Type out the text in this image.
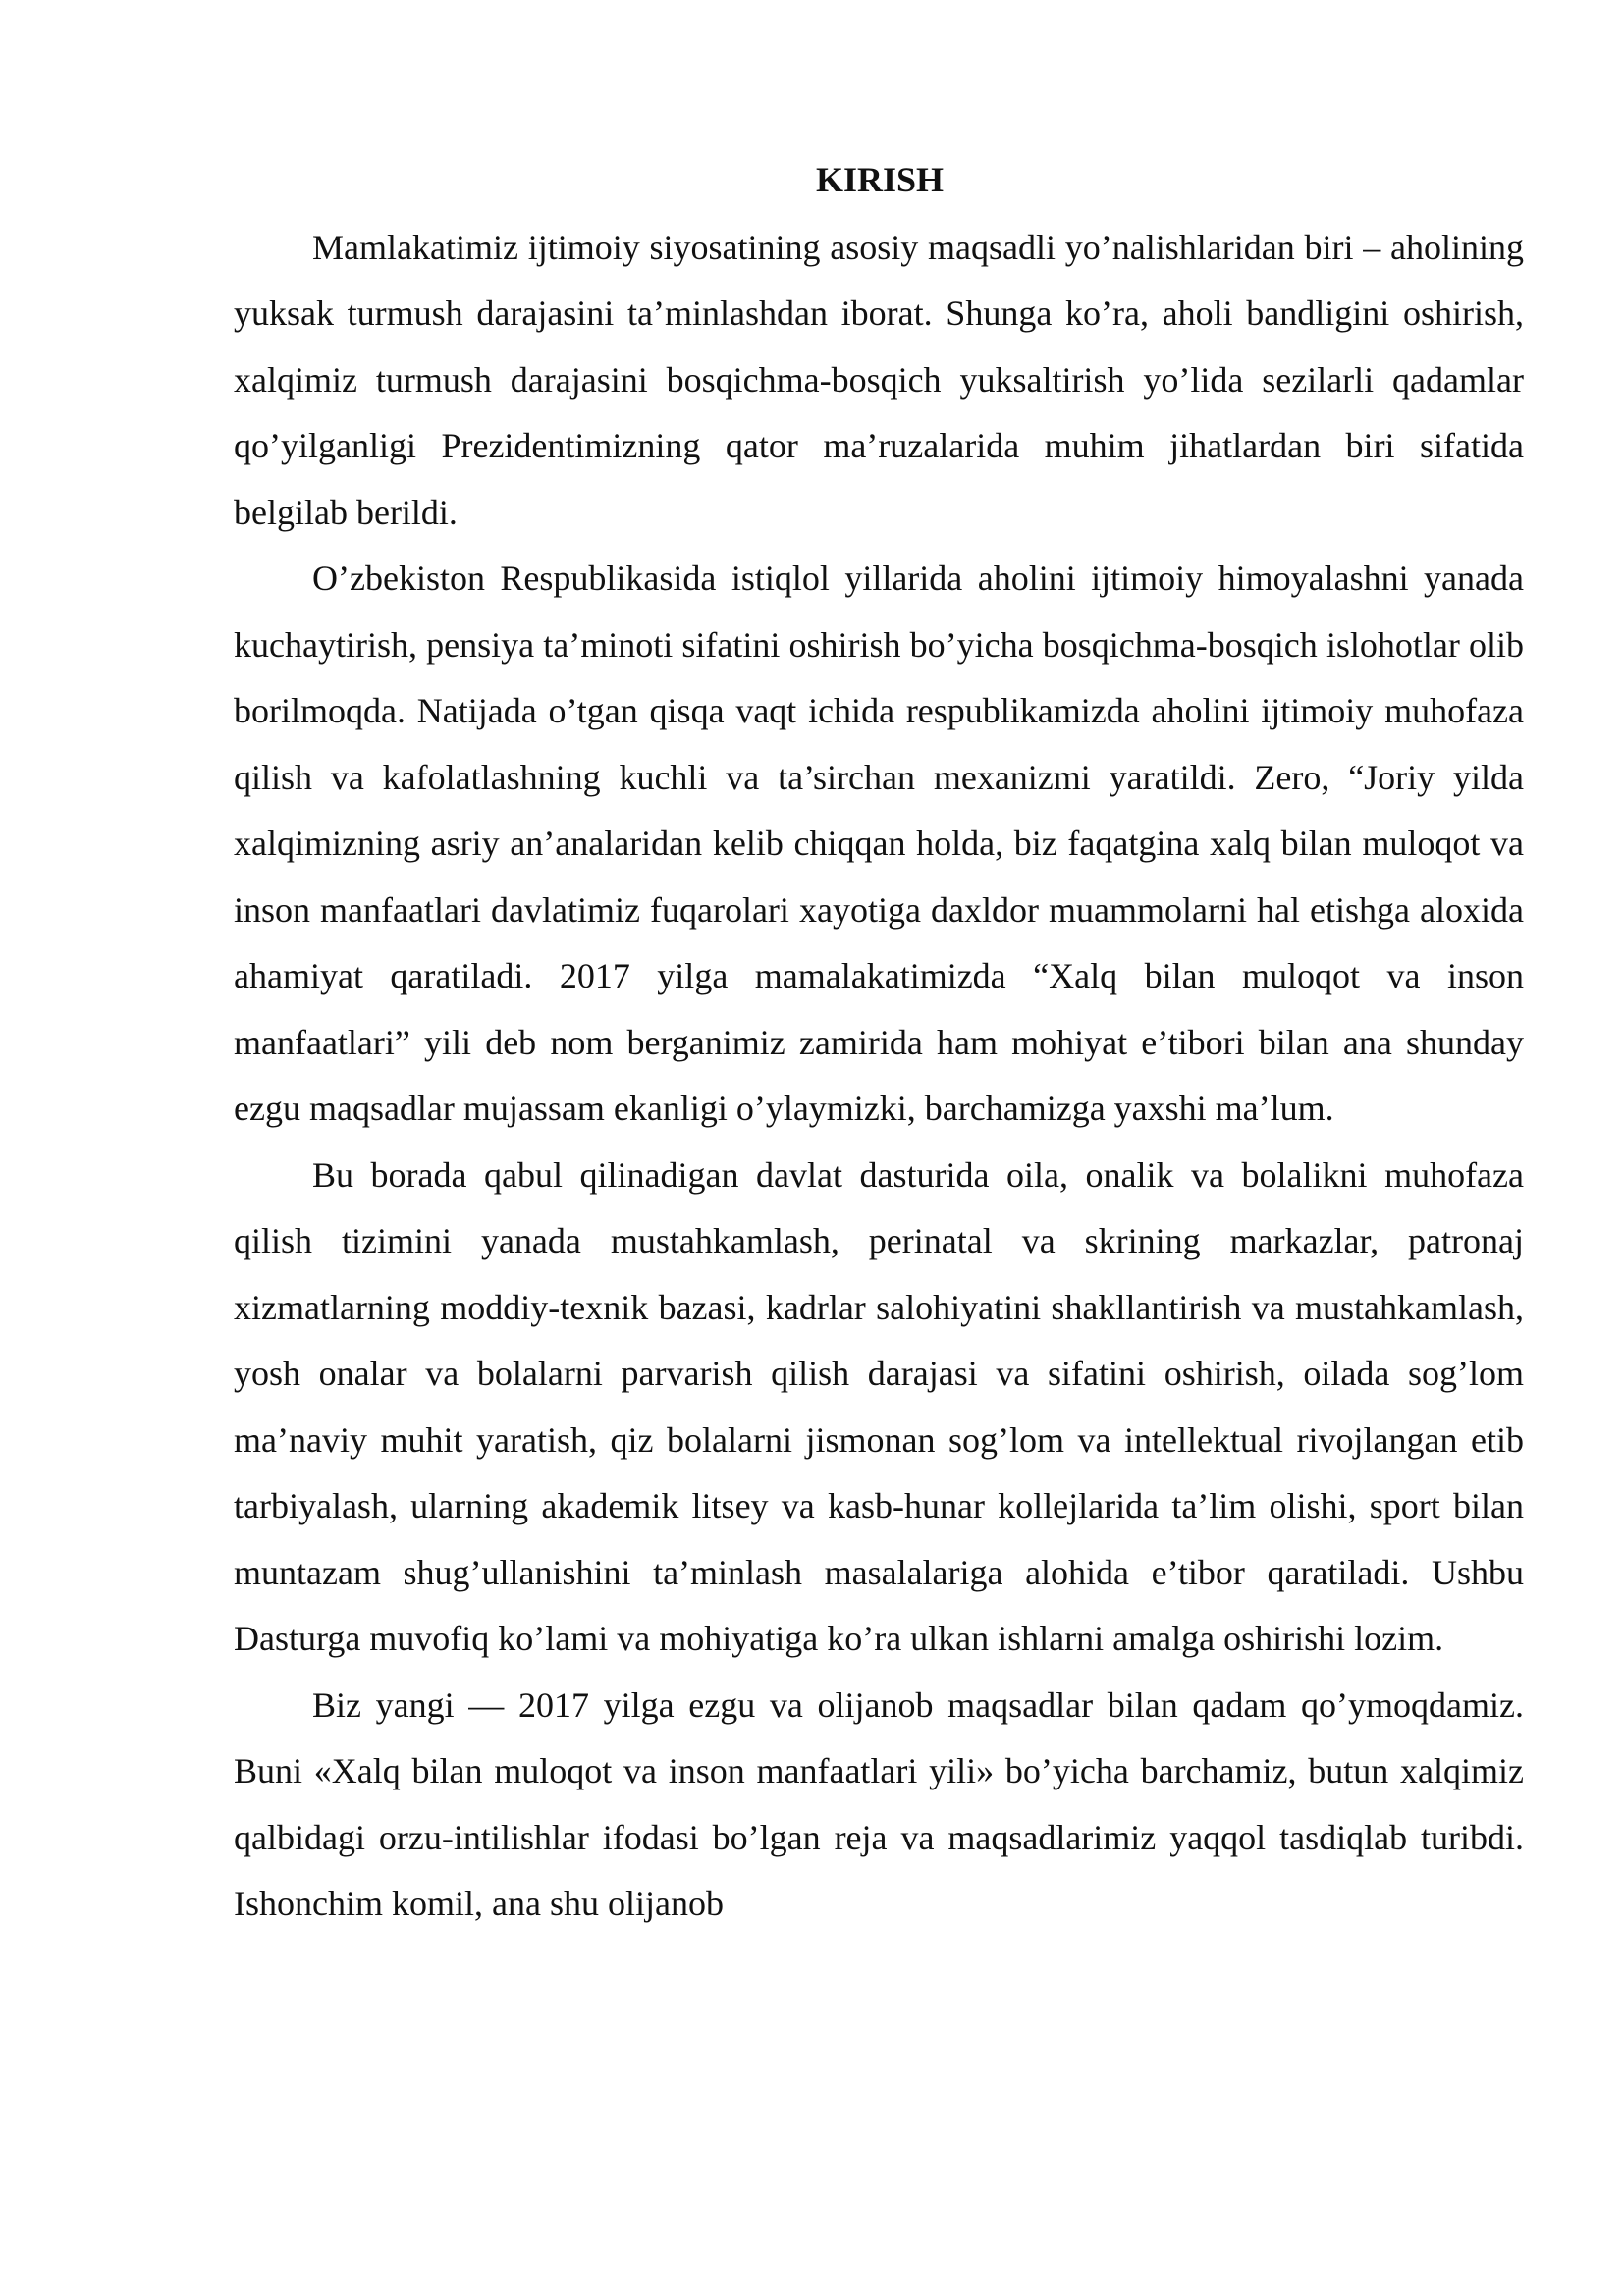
KIRISH

Mamlakatimiz ijtimoiy siyosatining asosiy maqsadli yo’nalishlaridan biri – aholining yuksak turmush darajasini ta’minlashdan iborat. Shunga ko’ra, aholi bandligini oshirish, xalqimiz turmush darajasini bosqichma-bosqich yuksaltirish yo’lida sezilarli qadamlar qo’yilganligi Prezidentimizning qator ma’ruzalarida muhim jihatlardan biri sifatida belgilab berildi.

O’zbekiston Respublikasida istiqlol yillarida aholini ijtimoiy himoyalashni yanada kuchaytirish, pensiya ta’minoti sifatini oshirish bo’yicha bosqichma-bosqich islohotlar olib borilmoqda. Natijada o’tgan qisqa vaqt ichida respublikamizda aholini ijtimoiy muhofaza qilish va kafolatlashning kuchli va ta’sirchan mexanizmi yaratildi. Zero, “Joriy yilda xalqimizning asriy an’analaridan kelib chiqqan holda, biz faqatgina xalq bilan muloqot va inson manfaatlari davlatimiz fuqarolari xayotiga daxldor muammolarni hal etishga aloxida ahamiyat qaratiladi. 2017 yilga mamalakatimizda “Xalq bilan muloqot va inson manfaatlari” yili deb nom berganimiz zamirida ham mohiyat e’tibori bilan ana shunday ezgu maqsadlar mujassam ekanligi o’ylaymizki, barchamizga yaxshi ma’lum.

Bu borada qabul qilinadigan davlat dasturida oila, onalik va bolalikni muhofaza qilish tizimini yanada mustahkamlash, perinatal va skrining markazlar, patronaj xizmatlarning moddiy-texnik bazasi, kadrlar salohiyatini shakllantirish va mustahkamlash, yosh onalar va bolalarni parvarish qilish darajasi va sifatini oshirish, oilada sog’lom ma’naviy muhit yaratish, qiz bolalarni jismonan sog’lom va intellektual rivojlangan etib tarbiyalash, ularning akademik litsey va kasb-hunar kollejlarida ta’lim olishi, sport bilan muntazam shug’ullanishini ta’minlash masalalariga alohida e’tibor qaratiladi. Ushbu Dasturga muvofiq ko’lami va mohiyatiga ko’ra ulkan ishlarni amalga oshirishi lozim.

Biz yangi — 2017 yilga ezgu va olijanob maqsadlar bilan qadam qo’ymoqdamiz. Buni «Xalq bilan muloqot va inson manfaatlari yili» bo’yicha barchamiz, butun xalqimiz qalbidagi orzu-intilishlar ifodasi bo’lgan reja va maqsadlarimiz yaqqol tasdiqlab turibdi. Ishonchim komil, ana shu olijanob
